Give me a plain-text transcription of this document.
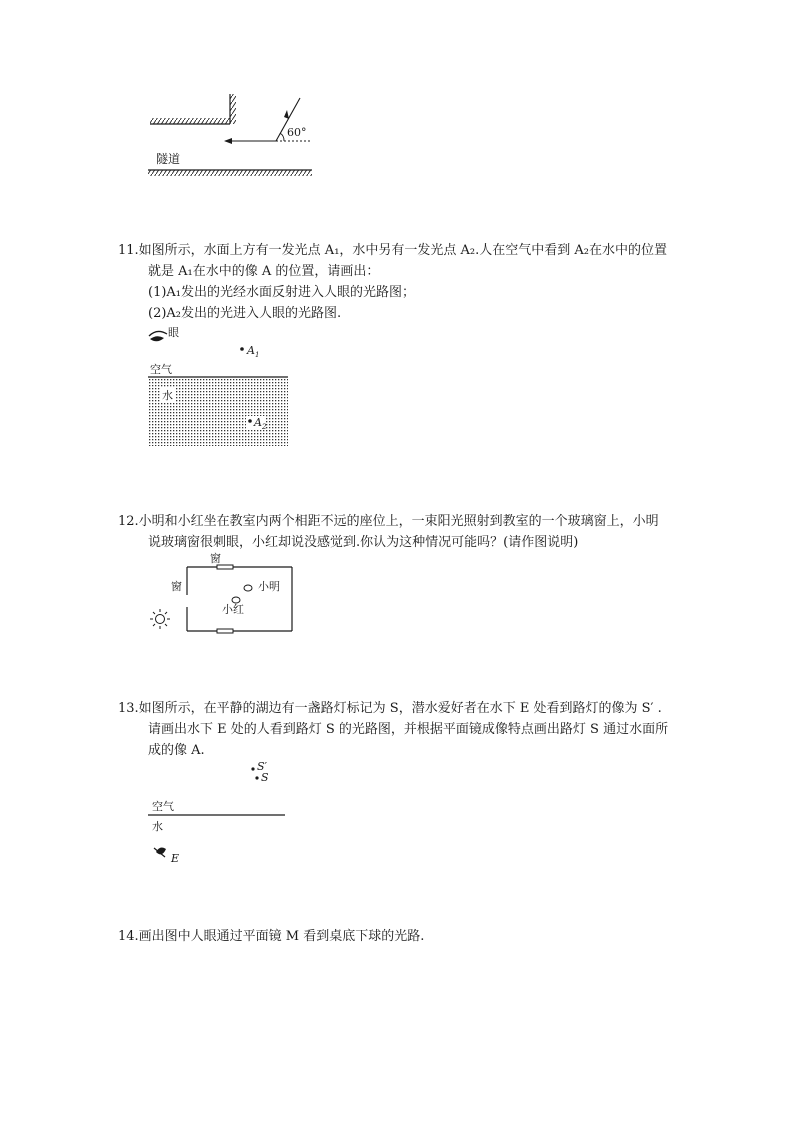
60°
隧道
11.如图所示，水面上方有一发光点 A₁，水中另有一发光点 A₂.人在空气中看到 A₂在水中的位置
就是 A₁在水中的像 A 的位置，请画出：
(1)A₁发出的光经水面反射进入人眼的光路图；
(2)A₂发出的光进入人眼的光路图.
眼
$A_1$
空气
水
$A_2$
12.小明和小红坐在教室内两个相距不远的座位上，一束阳光照射到教室的一个玻璃窗上，小明
说玻璃窗很刺眼，小红却说没感觉到.你认为这种情况可能吗？(请作图说明)
窗
窗	小明
小红
13.如图所示，在平静的湖边有一盏路灯标记为 S，潜水爱好者在水下 E 处看到路灯的像为 S′ .
请画出水下 E 处的人看到路灯 S 的光路图，并根据平面镜成像特点画出路灯 S 通过水面所
成的像 A.
S′
S
空气
水
E
14.画出图中人眼通过平面镜 M 看到桌底下球的光路.
